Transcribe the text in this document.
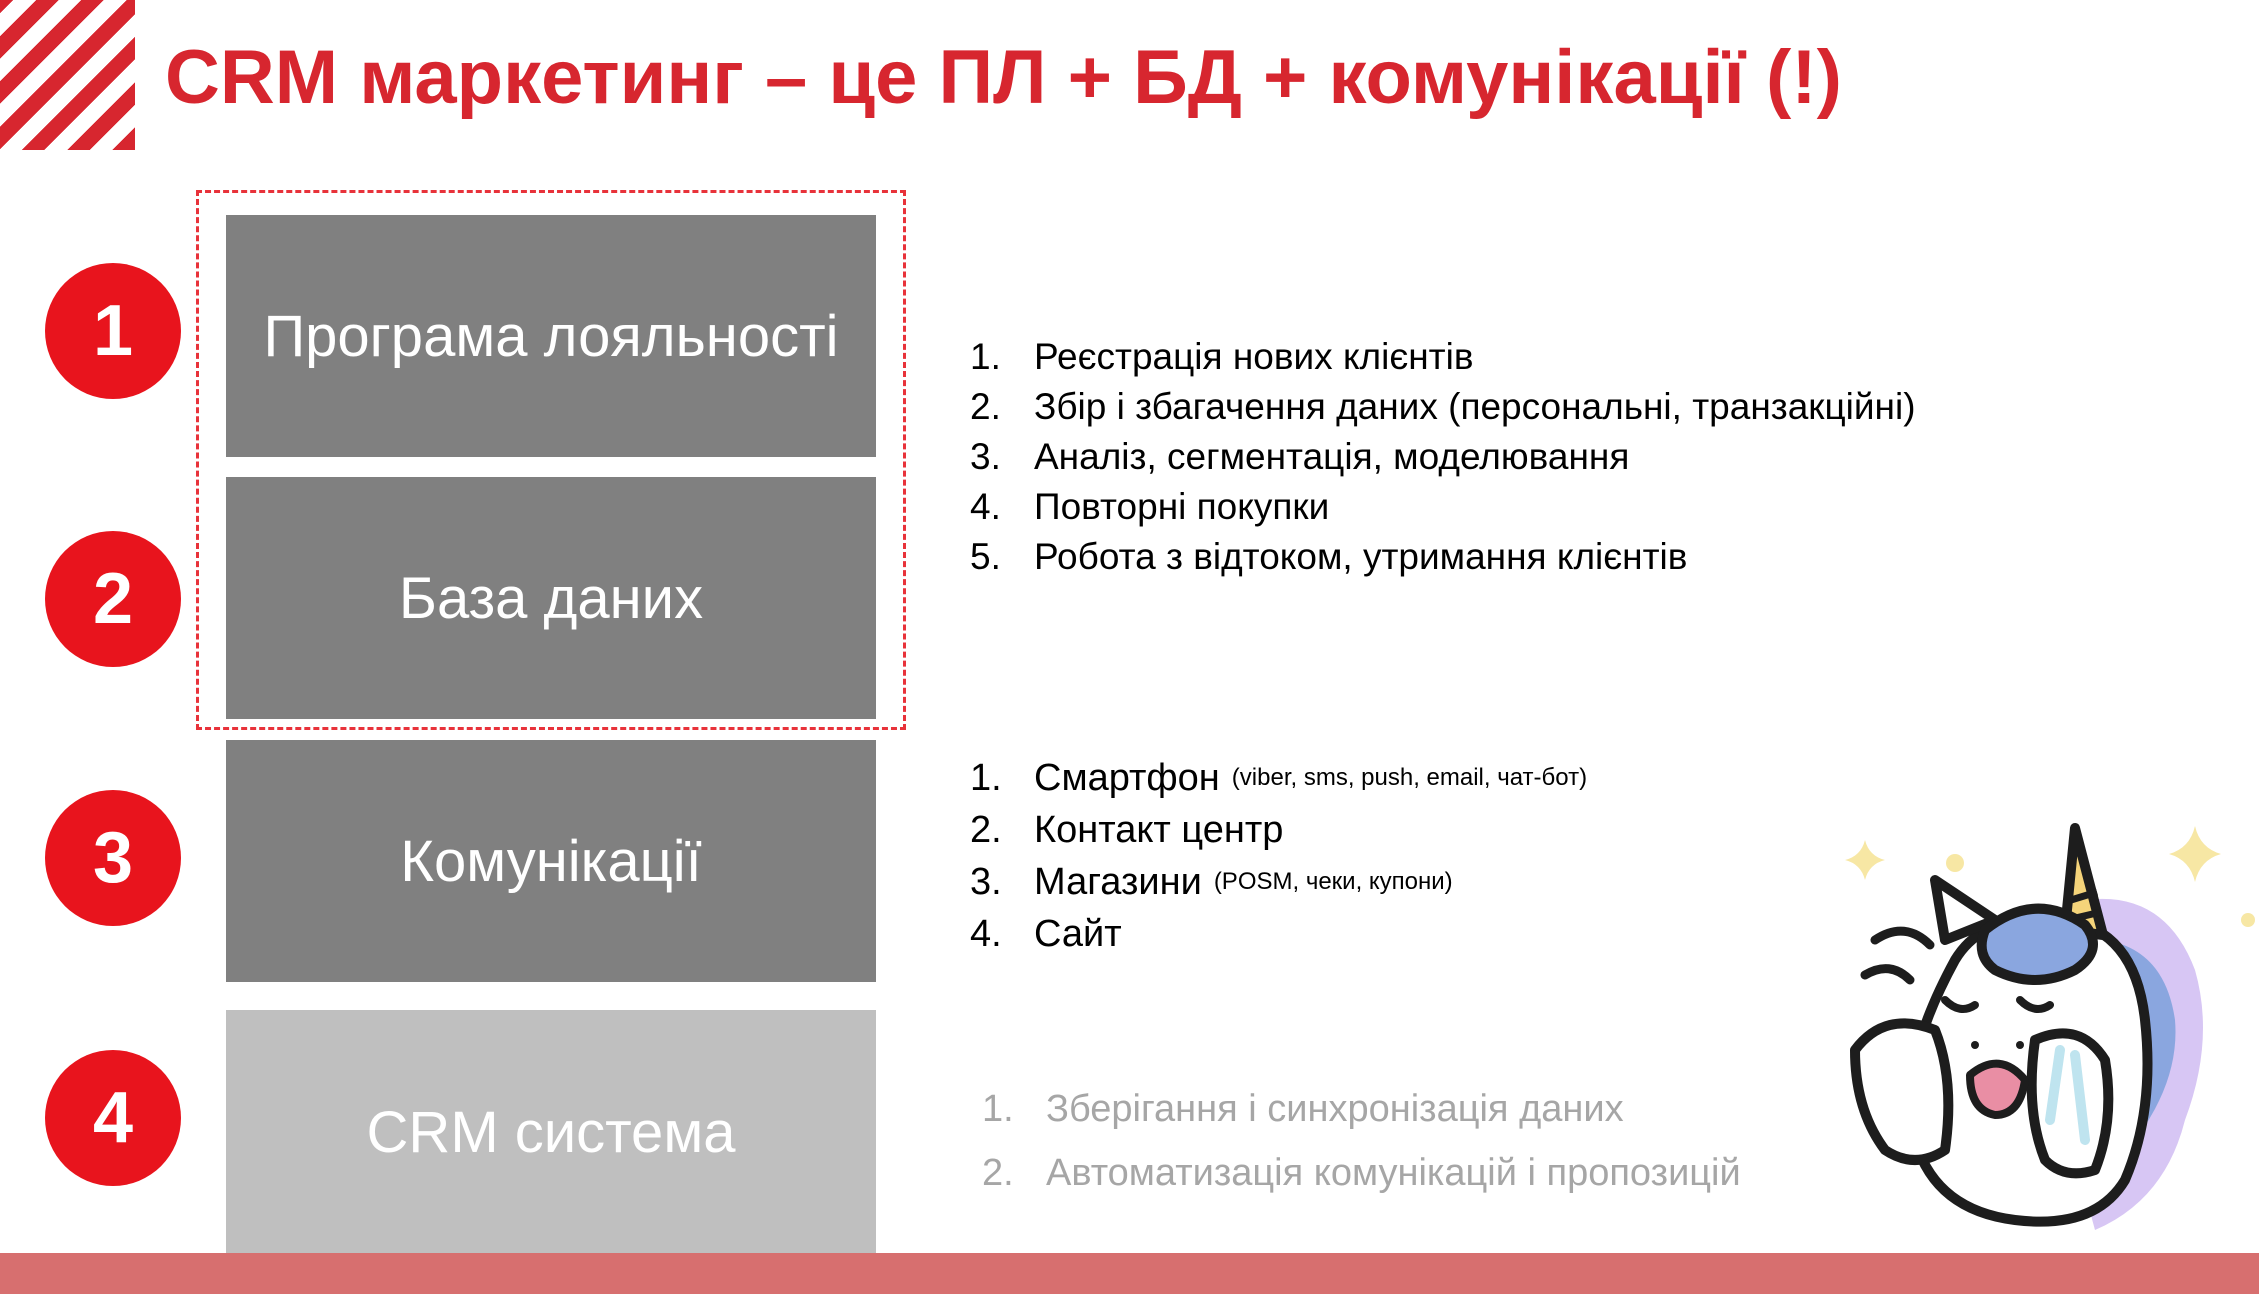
CRM маркетинг – це ПЛ + БД + комунікації (!)
Програма лояльності
База даних
Комунікації
CRM система
1
2
3
4
1. Реєстрація нових клієнтів
2. Збір і збагачення даних (персональні, транзакційні)
3. Аналіз, сегментація, моделювання
4. Повторні покупки
5. Робота з відтоком, утримання клієнтів
1. Смартфон (viber, sms, push, email, чат-бот)
2. Контакт центр
3. Магазини (POSM, чеки, купони)
4. Сайт
1. Зберігання і синхронізація даних
2. Автоматизація комунікацій і пропозицій
